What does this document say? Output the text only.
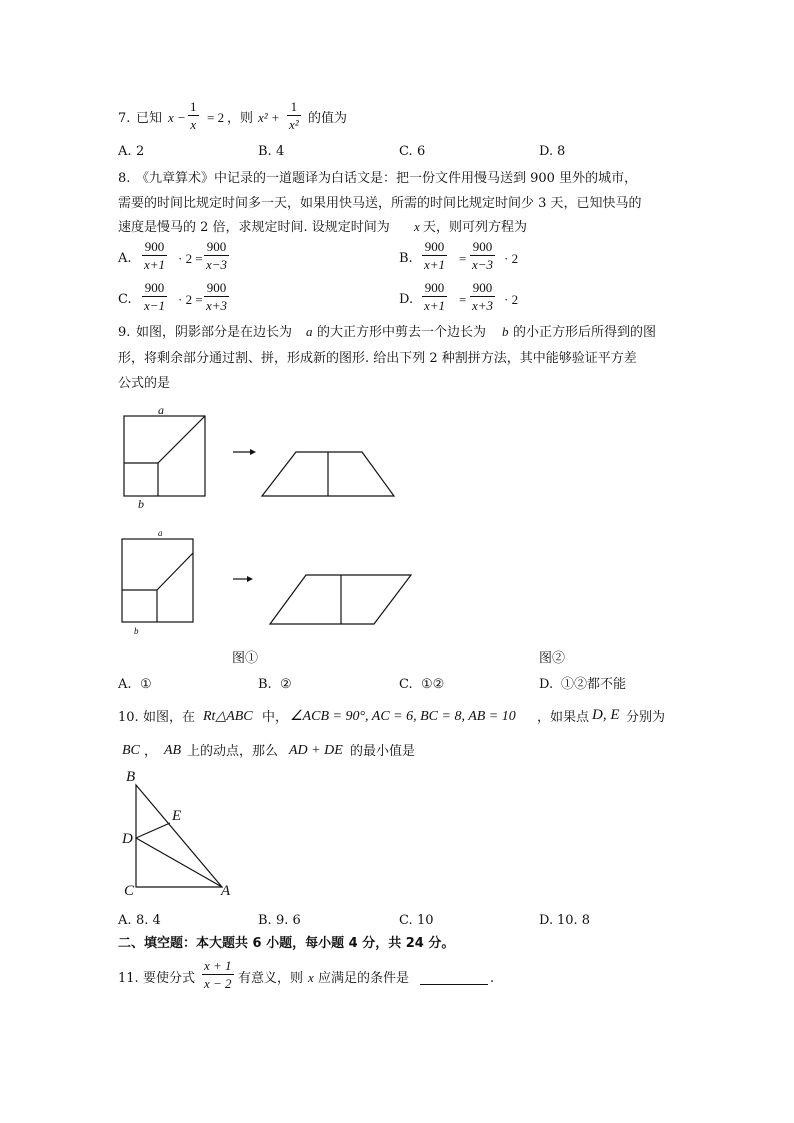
7. 已知 x −
1
x = 2 ，则 x² +
1
x² 的值为
A. 2	B. 4	C. 6	D. 8
8. 《九章算术》中记录的一道题译为白话文是：把一份文件用慢马送到 900 里外的城市，
需要的时间比规定时间多一天，如果用快马送，所需的时间比规定时间少 3 天，已知快马的
速度是慢马的 2 倍，求规定时间. 设规定时间为 x 天，则可列方程为
A.
900
x+1 · 2 =
900
x−3	B.
900
x+1 =
900
x−3 · 2
C.
900
x−1 · 2 =
900
x+3	D.
900
x+1 =
900
x+3 · 2
9. 如图，阴影部分是在边长为 a 的大正方形中剪去一个边长为 b 的小正方形后所得到的图
形，将剩余部分通过割、拼，形成新的图形. 给出下列 2 种割拼方法，其中能够验证平方差
公式的是
a
b
a
b
图①	图②
A. ①	B. ②	C. ①②	D. ①②都不能
10. 如图，在 Rt△ABC 中， ∠ACB = 90°, AC = 6, BC = 8, AB = 10 ，如果点 D, E 分别为
BC ， AB 上的动点，那么 AD + DE 的最小值是
B
E
D
C	A
A. 8. 4	B. 9. 6	C. 10	D. 10. 8
二、填空题：本大题共 6 小题，每小题 4 分，共 24 分。
11. 要使分式
x + 1
x − 2 有意义，则 x 应满足的条件是	.
